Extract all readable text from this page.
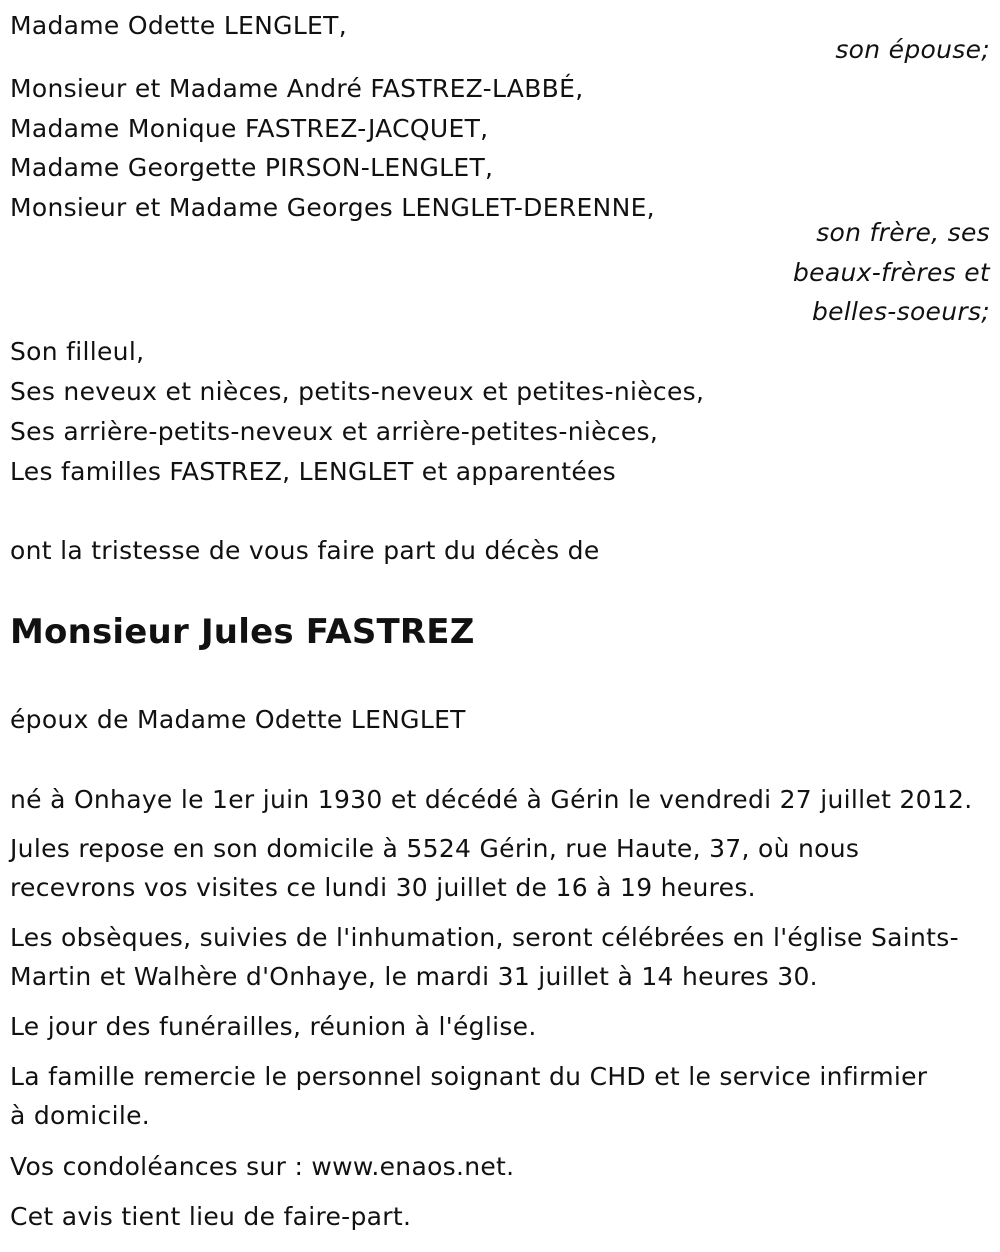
Madame Odette LENGLET,
son épouse;
Monsieur et Madame André FASTREZ-LABBÉ,
Madame Monique FASTREZ-JACQUET,
Madame Georgette PIRSON-LENGLET,
Monsieur et Madame Georges LENGLET-DERENNE,
son frère, ses
beaux-frères et
belles-soeurs;
Son filleul,
Ses neveux et nièces, petits-neveux et petites-nièces,
Ses arrière-petits-neveux et arrière-petites-nièces,
Les familles FASTREZ, LENGLET et apparentées
ont la tristesse de vous faire part du décès de
Monsieur Jules FASTREZ
époux de Madame Odette LENGLET
né à Onhaye le 1er juin 1930 et décédé à Gérin le vendredi 27 juillet 2012.
Jules repose en son domicile à 5524 Gérin, rue Haute, 37, où nous
recevrons vos visites ce lundi 30 juillet de 16 à 19 heures.
Les obsèques, suivies de l'inhumation, seront célébrées en l'église Saints-
Martin et Walhère d'Onhaye, le mardi 31 juillet à 14 heures 30.
Le jour des funérailles, réunion à l'église.
La famille remercie le personnel soignant du CHD et le service infirmier
à domicile.
Vos condoléances sur : www.enaos.net.
Cet avis tient lieu de faire-part.
